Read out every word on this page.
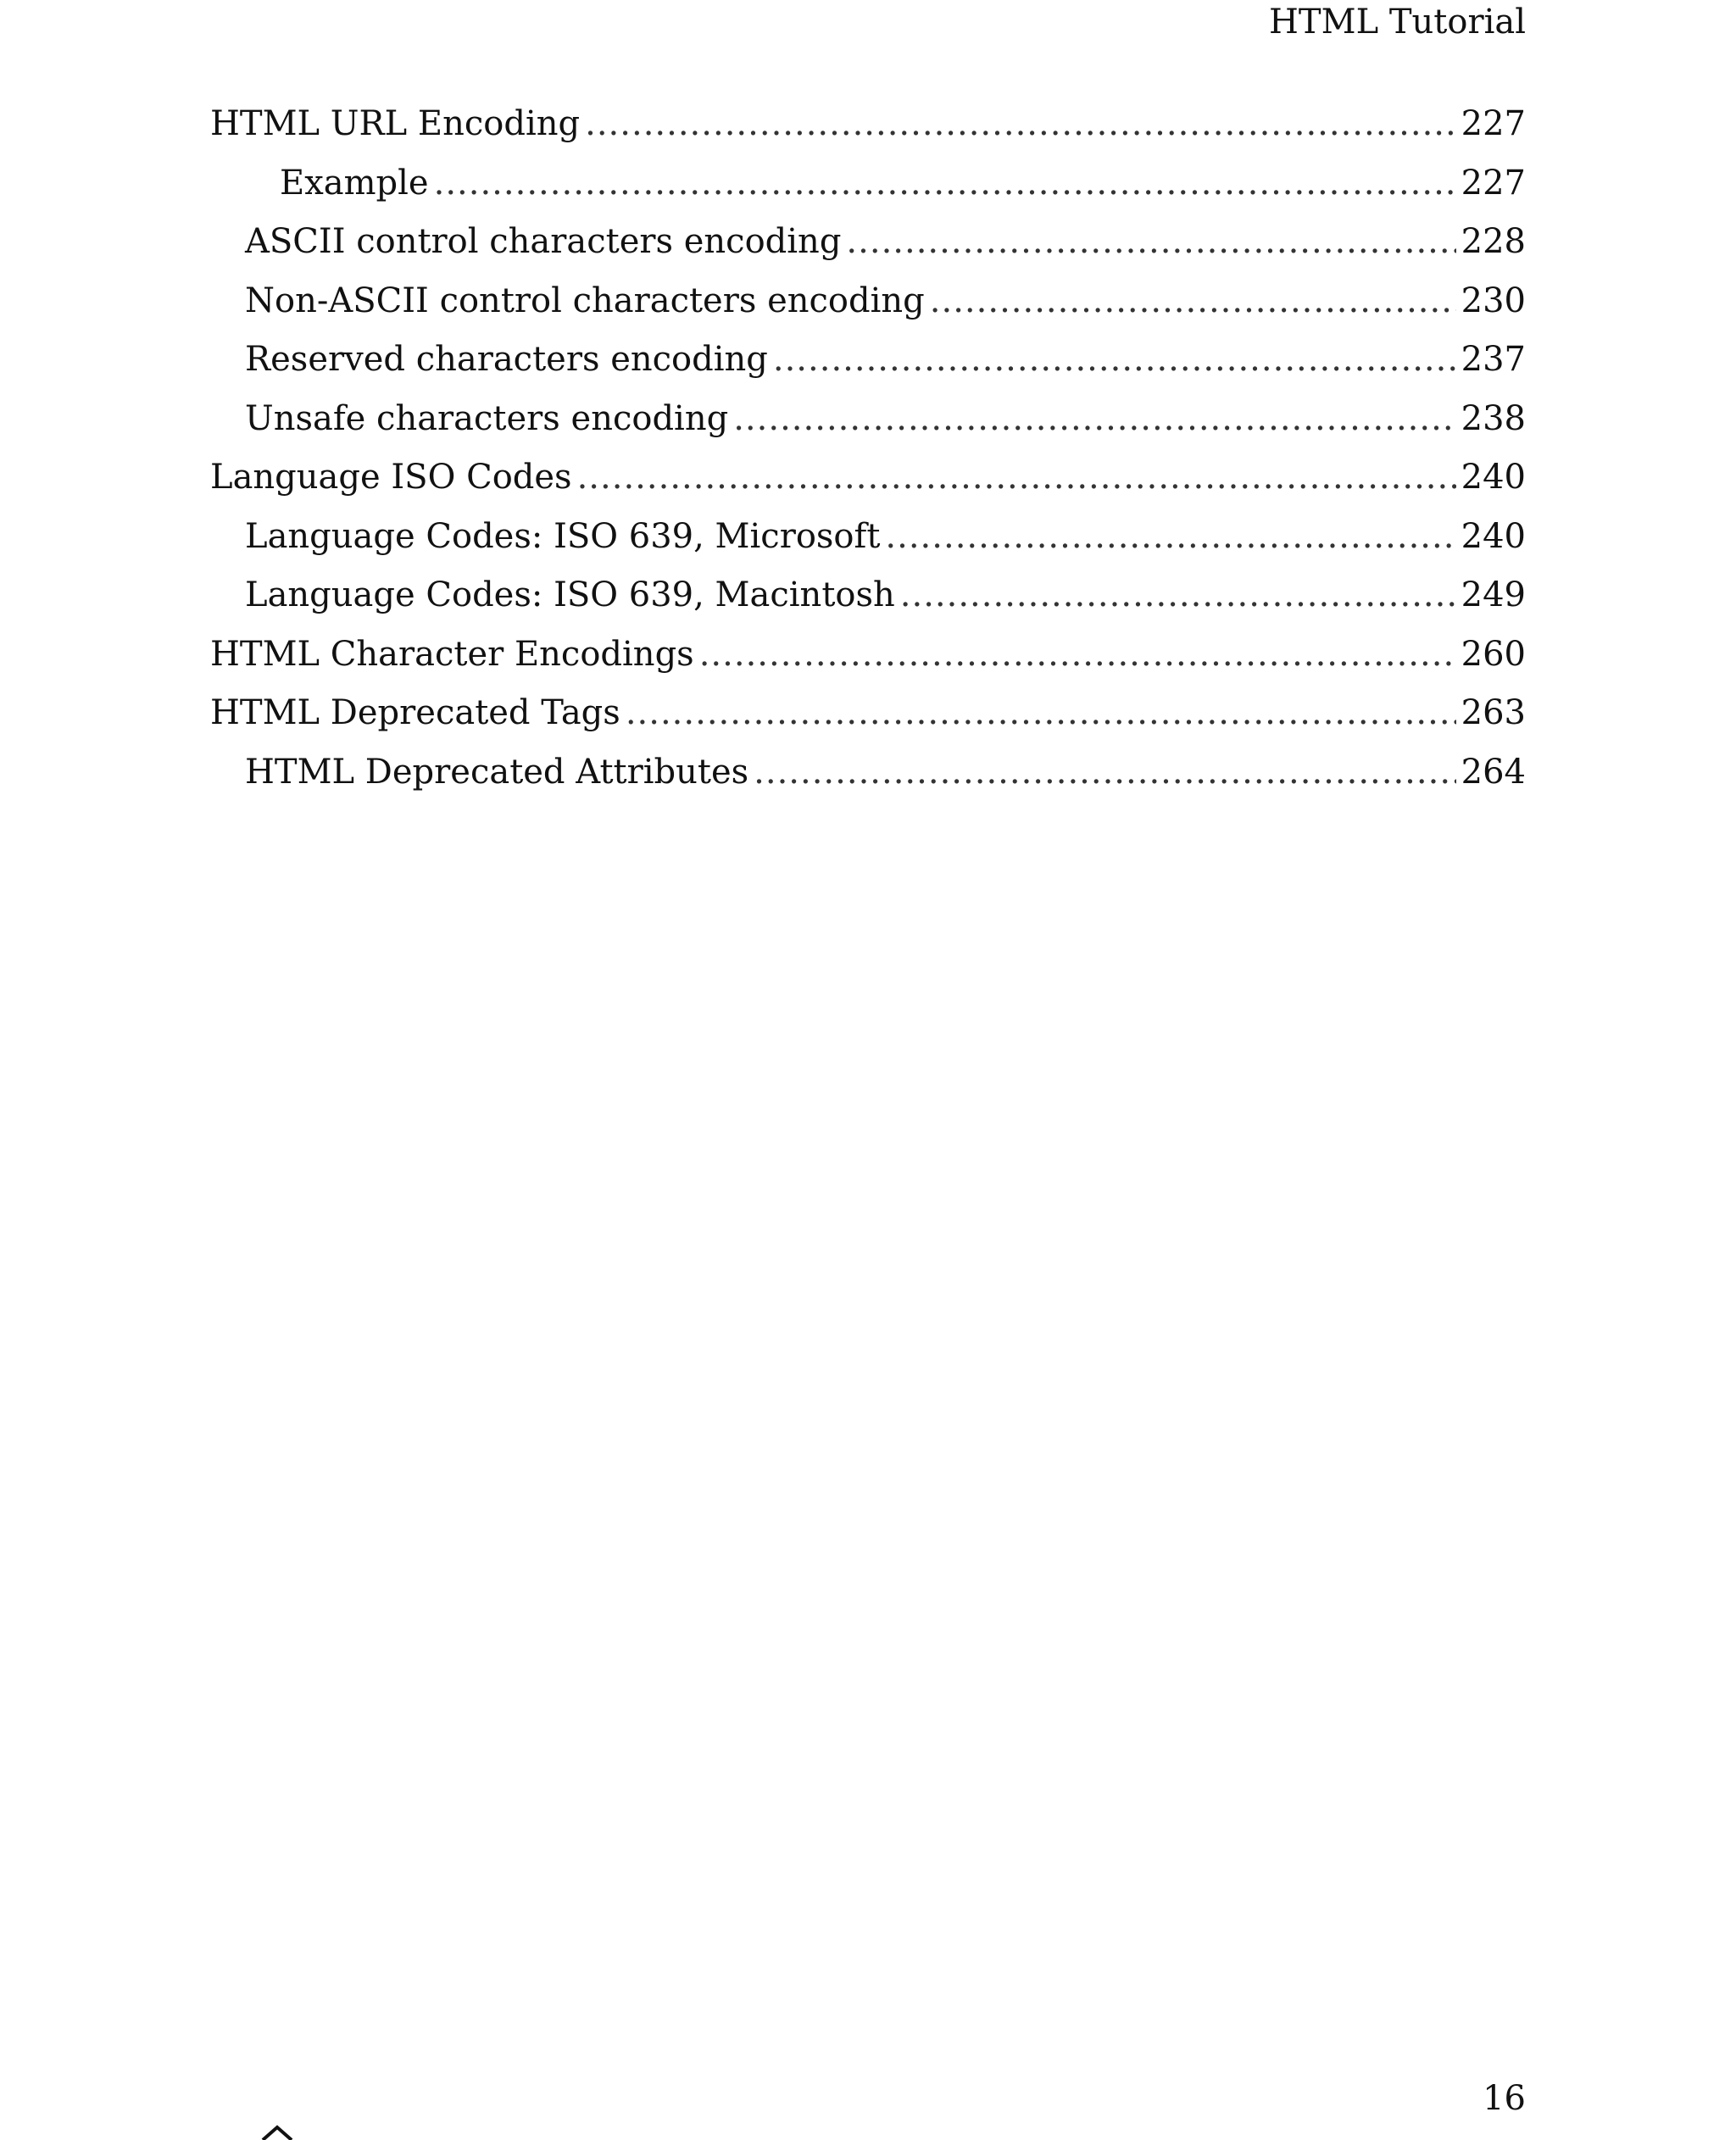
HTML Tutorial
HTML URL Encoding .....	227
Example .....	227
ASCII control characters encoding .....	228
Non-ASCII control characters encoding .....	230
Reserved characters encoding .....	237
Unsafe characters encoding .....	238
Language ISO Codes .....	240
Language Codes: ISO 639, Microsoft .....	240
Language Codes: ISO 639, Macintosh .....	249
HTML Character Encodings .....	260
HTML Deprecated Tags .....	263
HTML Deprecated Attributes .....	264
16
